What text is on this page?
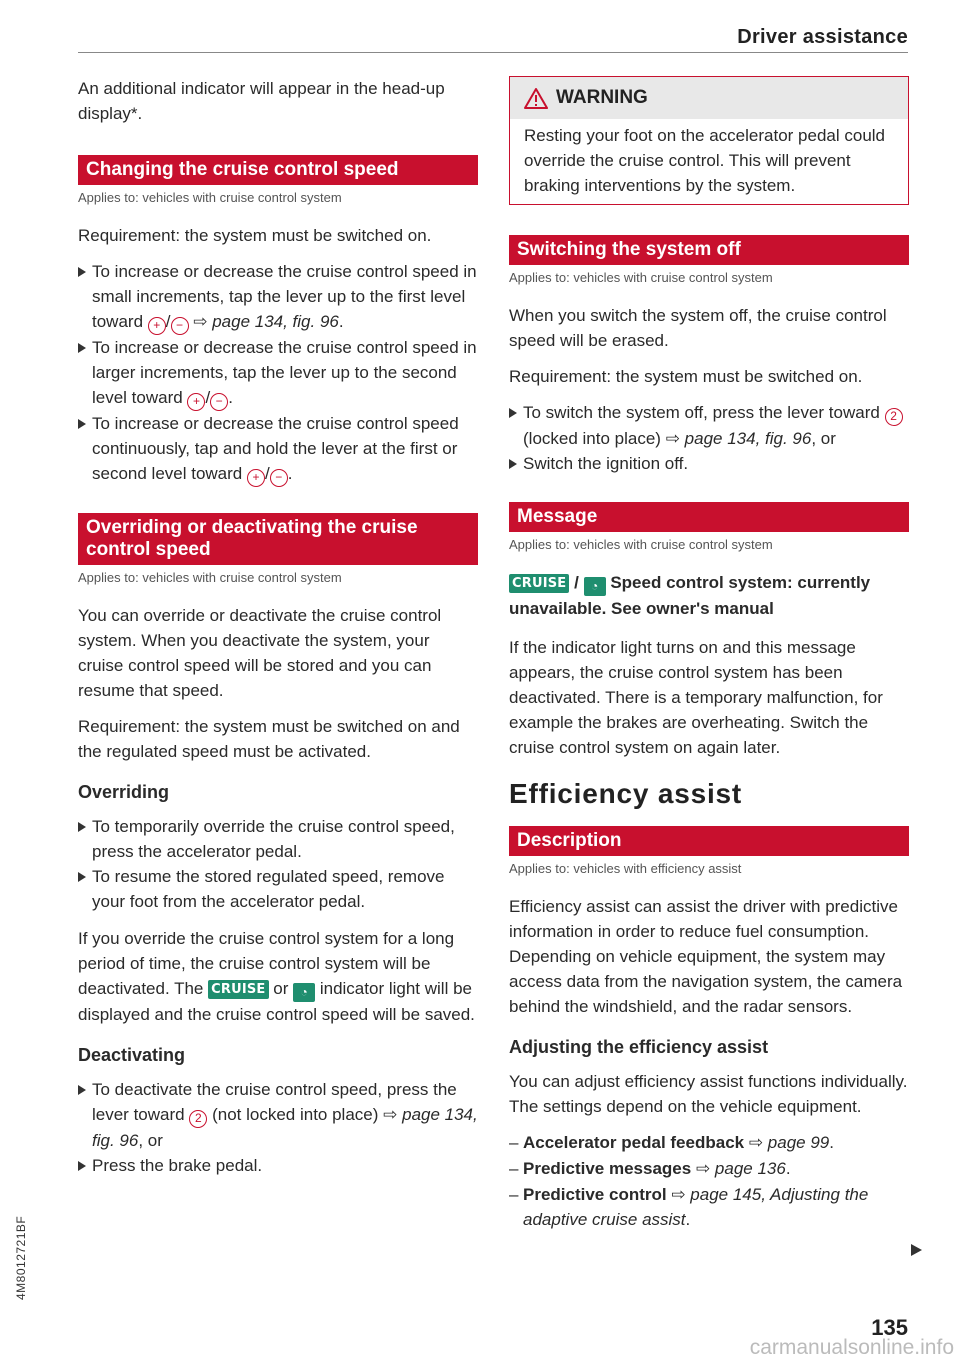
Driver assistance

An additional indicator will appear in the head-up display*.

Changing the cruise control speed
Applies to: vehicles with cruise control system

Requirement: the system must be switched on.

To increase or decrease the cruise control speed in small increments, tap the lever up to the first level toward + / − ⇨ page 134, fig. 96.
To increase or decrease the cruise control speed in larger increments, tap the lever up to the second level toward + / − .
To increase or decrease the cruise control speed continuously, tap and hold the lever at the first or second level toward + / − .
Overriding or deactivating the cruise control speed
Applies to: vehicles with cruise control system

You can override or deactivate the cruise control system. When you deactivate the system, your cruise control speed will be stored and you can resume that speed.

Requirement: the system must be switched on and the regulated speed must be activated.

Overriding
To temporarily override the cruise control speed, press the accelerator pedal.
To resume the stored regulated speed, remove your foot from the accelerator pedal.

If you override the cruise control system for a long period of time, the cruise control system will be deactivated. The CRUISE or ◔ indicator light will be displayed and the cruise control speed will be saved.

Deactivating
To deactivate the cruise control speed, press the lever toward 2 (not locked into place) ⇨ page 134, fig. 96, or
Press the brake pedal.
WARNING
Resting your foot on the accelerator pedal could override the cruise control. This will prevent braking interventions by the system.
Switching the system off
Applies to: vehicles with cruise control system

When you switch the system off, the cruise control speed will be erased.

Requirement: the system must be switched on.

To switch the system off, press the lever toward 2 (locked into place) ⇨ page 134, fig. 96, or
Switch the ignition off.
Message
Applies to: vehicles with cruise control system
CRUISE / ◔ Speed control system: currently unavailable. See owner's manual

If the indicator light turns on and this message appears, the cruise control system has been deactivated. There is a temporary malfunction, for example the brakes are overheating. Switch the cruise control system on again later.

Efficiency assist
Description
Applies to: vehicles with efficiency assist

Efficiency assist can assist the driver with predictive information in order to reduce fuel consumption. Depending on vehicle equipment, the system may access data from the navigation system, the camera behind the windshield, and the radar sensors.

Adjusting the efficiency assist

You can adjust efficiency assist functions individually. The settings depend on the vehicle equipment.

– Accelerator pedal feedback ⇨ page 99.
– Predictive messages ⇨ page 136.
– Predictive control ⇨ page 145, Adjusting the adaptive cruise assist.
135
4M8012721BF
carmanualsonline.info
